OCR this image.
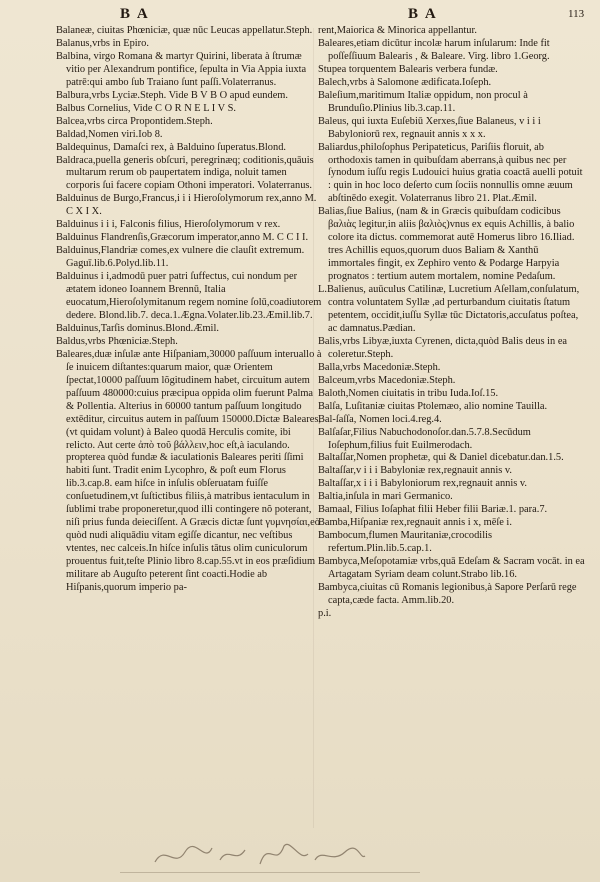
B A	B A	113

Balaneæ, ciuitas Phœniciæ, quæ nūc Leucas appellatur.Steph.

Balanus,vrbs in Epiro.

Balbina, virgo Romana & martyr Quirini, liberata à ſtrumæ vitio per Alexandrum pontifice, ſepulta in Via Appia iuxta patrē:qui ambo ſub Traiano ſunt paſſi.Volaterranus.

Balbura,vrbs Lyciæ.Steph. Vide B V B O apud eundem.

Balbus Cornelius, Vide C O R N E L I V S.

Balcea,vrbs circa Propontidem.Steph.

Baldad,Nomen viri.Iob 8.

Baldequinus, Damaſci rex, à Balduino ſuperatus.Blond.

Baldraca,puella generis obſcuri, peregrinæq; coditionis,quāuis multarum rerum ob paupertatem indiga, noluit tamen corporis ſui facere copiam Othoni imperatori. Volaterranus.

Balduinus de Burgo,Francus,i i i Hieroſolymorum rex,anno M. C X I X.

Balduinus i i i, Falconis filius, Hieroſolymorum v rex.

Balduinus Flandrenſis,Græcorum imperator,anno M. C C I I.

Balduinus,Flandriæ comes,ex vulnere die clauſit extremum. Gaguī.lib.6.Polyd.lib.11.

Balduinus i i,admodū puer patri ſuffectus, cui nondum per ætatem idoneo Ioannem Brennū, Italia euocatum,Hieroſolymitanum regem nomine ſolū,coadiutorem dedere. Blond.lib.7. deca.1.Ægna.Volater.lib.23.Æmil.lib.7.

Balduinus,Tarſis dominus.Blond.Æmil.

Baldus,vrbs Phœniciæ.Steph.

Baleares,duæ inſulæ ante Hiſpaniam,30000 paſſuum interuallo à ſe inuicem diſtantes:quarum maior, quæ Orientem ſpectat,10000 paſſuum lõgitudinem habet, circuitum autem paſſuum 480000:cuius præcipua oppida olim fuerunt Palma & Pollentia. Alterius in 60000 tantum paſſuum longitudo extēditur, circuitus autem in paſſuum 150000.Dictæ Baleares,(vt quidam volunt) à Baleo quodā Herculis comite, ibi relicto. Aut certe ἀπὸ τοῦ βάλλειν,hoc eſt,à iaculando. propterea quòd fundæ & iaculationis Baleares periti ſſimi habiti ſunt. Tradit enim Lycophro, & poſt eum Florus lib.3.cap.8. eam hiſce in inſulis obſeruatam fuiſſe conſuetudinem,vt ſuſtictibus filiis,à matribus ientaculum in ſublimi trabe proponeretur,quod illi contingere nõ poterant, niſi prius funda deieciſſent. A Græcis dictæ ſunt γυμνησίαι,eò quòd nudi aliquādiu vitam egiſſe dicantur, nec veſtibus vtentes, nec calceis.In hiſce inſulis tātus olim cuniculorum prouentus fuit,teſte Plinio libro 8.cap.55.vt in eos præſidium militare ab Auguſto peterent ſint coacti.Hodie ab Hiſpanis,quorum imperio pa-

rent,Maiorica & Minorica appellantur.

Baleares,etiam dicūtur incolæ harum inſularum: Inde fit poſſeſſiuum Balearis , & Baleare. Virg. libro 1.Georg.

Stupea torquentem Balearis verbera fundæ.

Balech,vrbs à Salomone ædificata.Ioſeph.

Baleſium,maritimum Italiæ oppidum, non procul à Brunduſio.Plinius lib.3.cap.11.

Baleus, qui iuxta Euſebiū Xerxes,ſiue Balaneus, v i i i Babyloniorū rex, regnauit annis x x x.

Baliardus,philoſophus Peripateticus, Pariſiis floruit, ab orthodoxis tamen in quibuſdam aberrans,à quibus nec per ſynodum iuſſu regis Ludouici huius gratia coactā auelli potuit : quin in hoc loco deſerto cum ſociis nonnullis omne æuum abſtinēdo exegit. Volaterranus libro 21. Plat.Æmil.

Balias,ſiue Balius, (nam & in Græcis quibuſdam codicibus βαλιὰς legitur,in aliis βαλιὸς)vnus ex equis Achillis, à balio colore ita dictus. commemorat autē Homerus libro 16.Iliad. tres Achillis equos,quorum duos Baliam & Xanthū immortales fingit, ex Zephiro vento & Podarge Harpyia prognatos : tertium autem mortalem, nomine Pedaſum.

L.Balienus, auūculus Catilinæ, Lucretium Aſellam,conſulatum, contra voluntatem Syllæ ,ad perturbandum ciuitatis ſtatum petentem, occidit,iuſſu Syllæ tūc Dictatoris,accuſatus poſtea, ac damnatus.Pædian.

Balis,vrbs Libyæ,iuxta Cyrenen, dicta,quòd Balis deus in ea coleretur.Steph.

Balla,vrbs Macedoniæ.Steph.

Balceum,vrbs Macedoniæ.Steph.

Baloth,Nomen ciuitatis in tribu Iuda.Ioſ.15.

Balſa, Luſitaniæ ciuitas Ptolemæo, alio nomine Tauilla.

Bal-ſaſſa, Nomen loci.4.reg.4.

Balſaſar,Filius Nabuchodonoſor.dan.5.7.8.Secūdum Ioſephum,filius fuit Euilmerodach.

Baltaſſar,Nomen prophetæ, qui & Daniel dicebatur.dan.1.5.

Baltaſſar,v i i i Babyloniæ rex,regnauit annis v.

Baltaſſar,x i i i Babyloniorum rex,regnauit annis v.

Baltia,inſula in mari Germanico.

Bamaal, Filius Ioſaphat filii Heber filii Bariæ.1. para.7.

Bamba,Hiſpaniæ rex,regnauit annis i x, mēſe i.

Bambocum,flumen Mauritaniæ,crocodilis refertum.Plin.lib.5.cap.1.

Bambyca,Meſopotamiæ vrbs,quā Edeſam & Sacram vocāt. in ea Artagatam Syriam deam colunt.Strabo lib.16.

Bambyca,ciuitas cū Romanis legionibus,à Sapore Perſarū rege capta,cæde facta. Amm.lib.20.

p.i.
